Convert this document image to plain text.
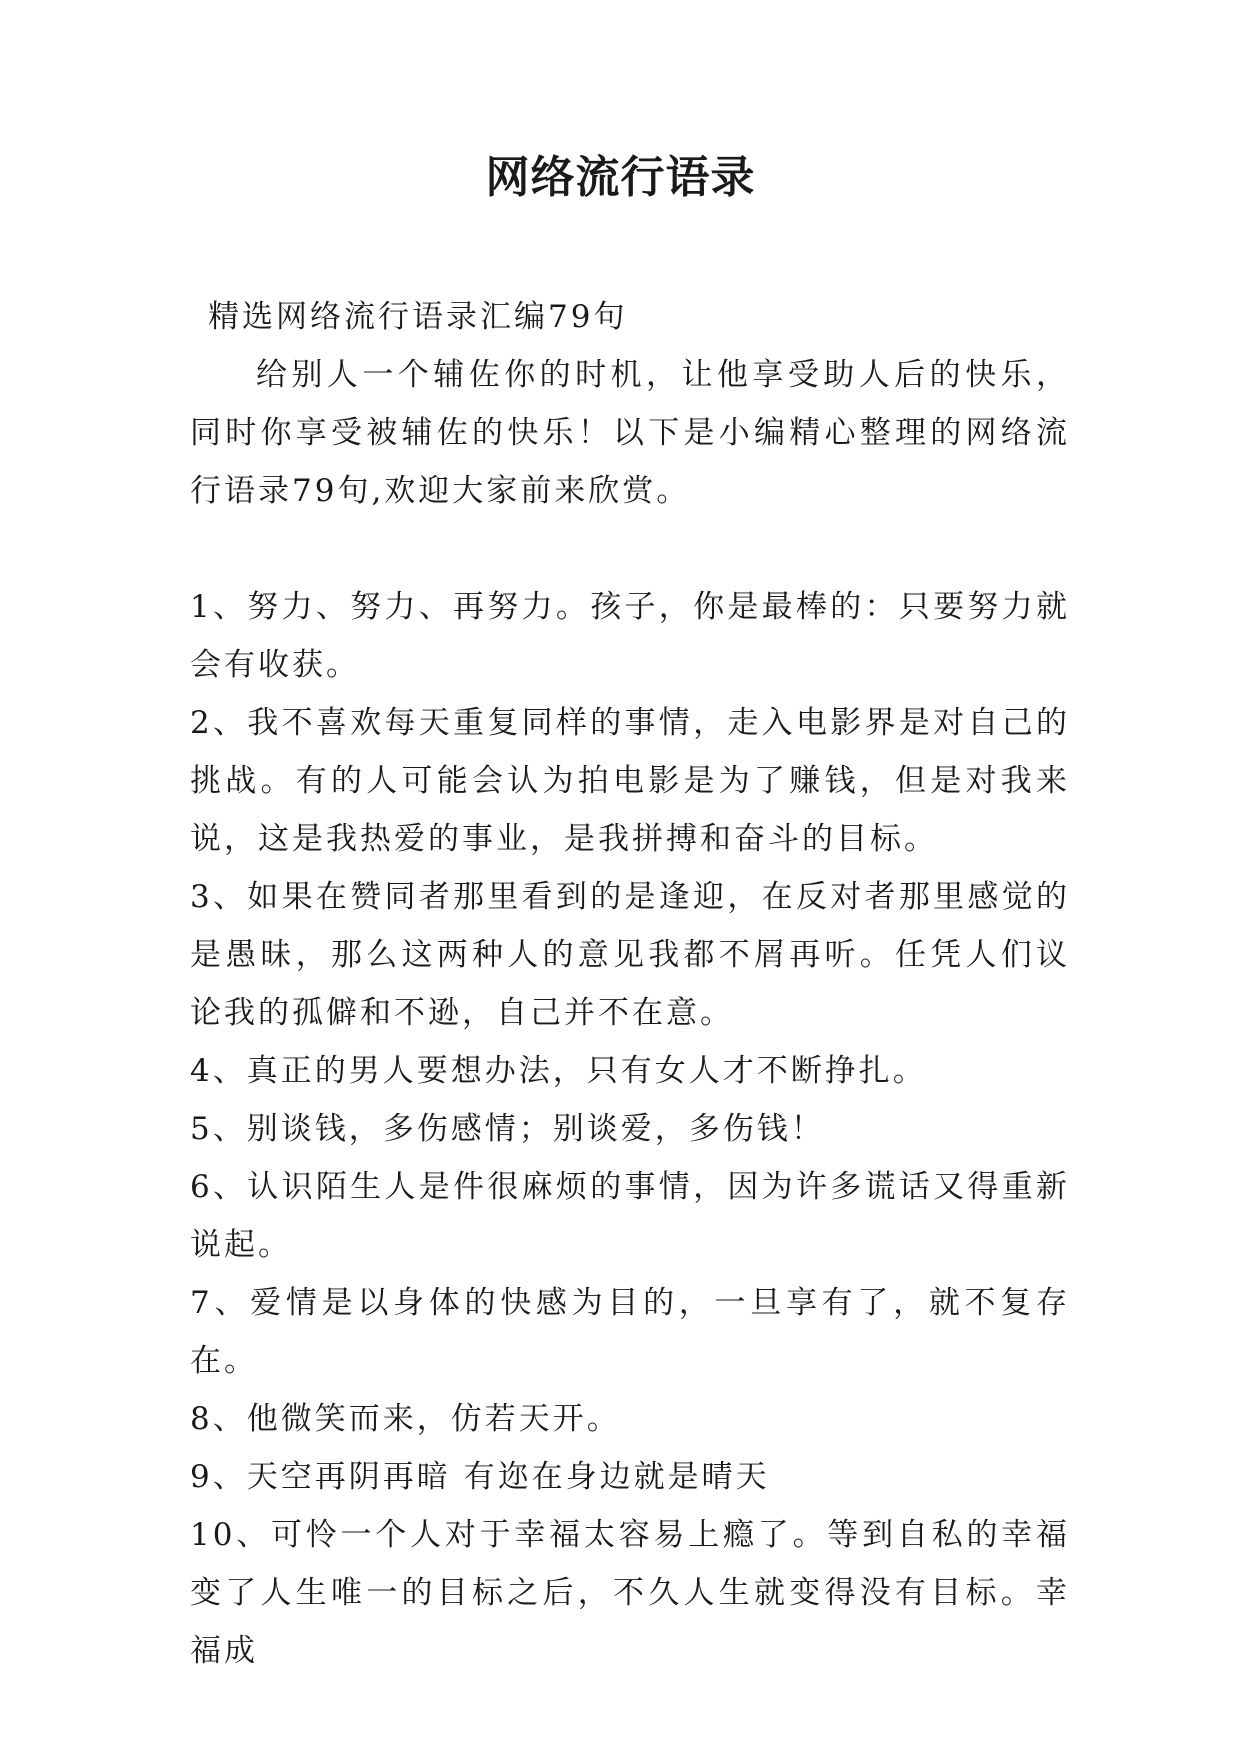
网络流行语录

精选网络流行语录汇编79句

给别人一个辅佐你的时机，让他享受助人后的快乐，同时你享受被辅佐的快乐！以下是小编精心整理的网络流行语录79句,欢迎大家前来欣赏。

1、努力、努力、再努力。孩子，你是最棒的：只要努力就会有收获。

2、我不喜欢每天重复同样的事情，走入电影界是对自己的挑战。有的人可能会认为拍电影是为了赚钱，但是对我来说，这是我热爱的事业，是我拼搏和奋斗的目标。

3、如果在赞同者那里看到的是逢迎，在反对者那里感觉的是愚昧，那么这两种人的意见我都不屑再听。任凭人们议论我的孤僻和不逊，自己并不在意。

4、真正的男人要想办法，只有女人才不断挣扎。

5、别谈钱，多伤感情；别谈爱，多伤钱！

6、认识陌生人是件很麻烦的事情，因为许多谎话又得重新说起。

7、爱情是以身体的快感为目的，一旦享有了，就不复存在。

8、他微笑而来，仿若天开。

9、天空再阴再暗 有迩在身边就是晴天

10、可怜一个人对于幸福太容易上瘾了。等到自私的幸福变了人生唯一的目标之后，不久人生就变得没有目标。幸福成
